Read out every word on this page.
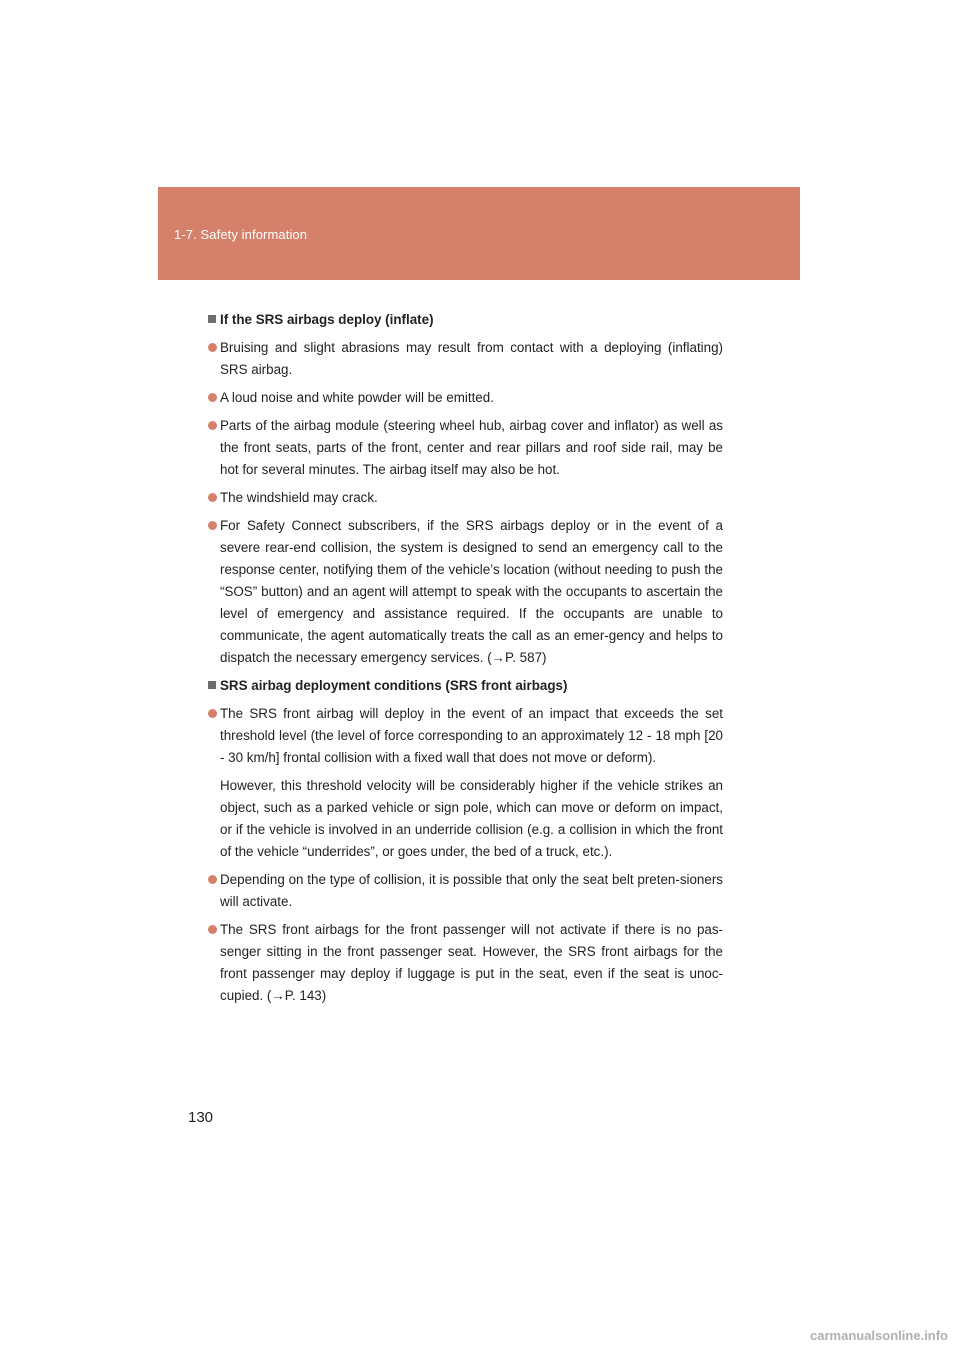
1-7. Safety information
If the SRS airbags deploy (inflate)
Bruising and slight abrasions may result from contact with a deploying (inflating) SRS airbag.
A loud noise and white powder will be emitted.
Parts of the airbag module (steering wheel hub, airbag cover and inflator) as well as the front seats, parts of the front, center and rear pillars and roof side rail, may be hot for several minutes. The airbag itself may also be hot.
The windshield may crack.
For Safety Connect subscribers, if the SRS airbags deploy or in the event of a severe rear-end collision, the system is designed to send an emergency call to the response center, notifying them of the vehicle’s location (without needing to push the “SOS” button) and an agent will attempt to speak with the occupants to ascertain the level of emergency and assistance required. If the occupants are unable to communicate, the agent automatically treats the call as an emer-gency and helps to dispatch the necessary emergency services. (→P. 587)
SRS airbag deployment conditions (SRS front airbags)
The SRS front airbag will deploy in the event of an impact that exceeds the set threshold level (the level of force corresponding to an approximately 12 - 18 mph [20 - 30 km/h] frontal collision with a fixed wall that does not move or deform).
However, this threshold velocity will be considerably higher if the vehicle strikes an object, such as a parked vehicle or sign pole, which can move or deform on impact, or if the vehicle is involved in an underride collision (e.g. a collision in which the front of the vehicle “underrides”, or goes under, the bed of a truck, etc.).
Depending on the type of collision, it is possible that only the seat belt preten-sioners will activate.
The SRS front airbags for the front passenger will not activate if there is no pas-senger sitting in the front passenger seat. However, the SRS front airbags for the front passenger may deploy if luggage is put in the seat, even if the seat is unoc-cupied. (→P. 143)
130
carmanualsonline.info
